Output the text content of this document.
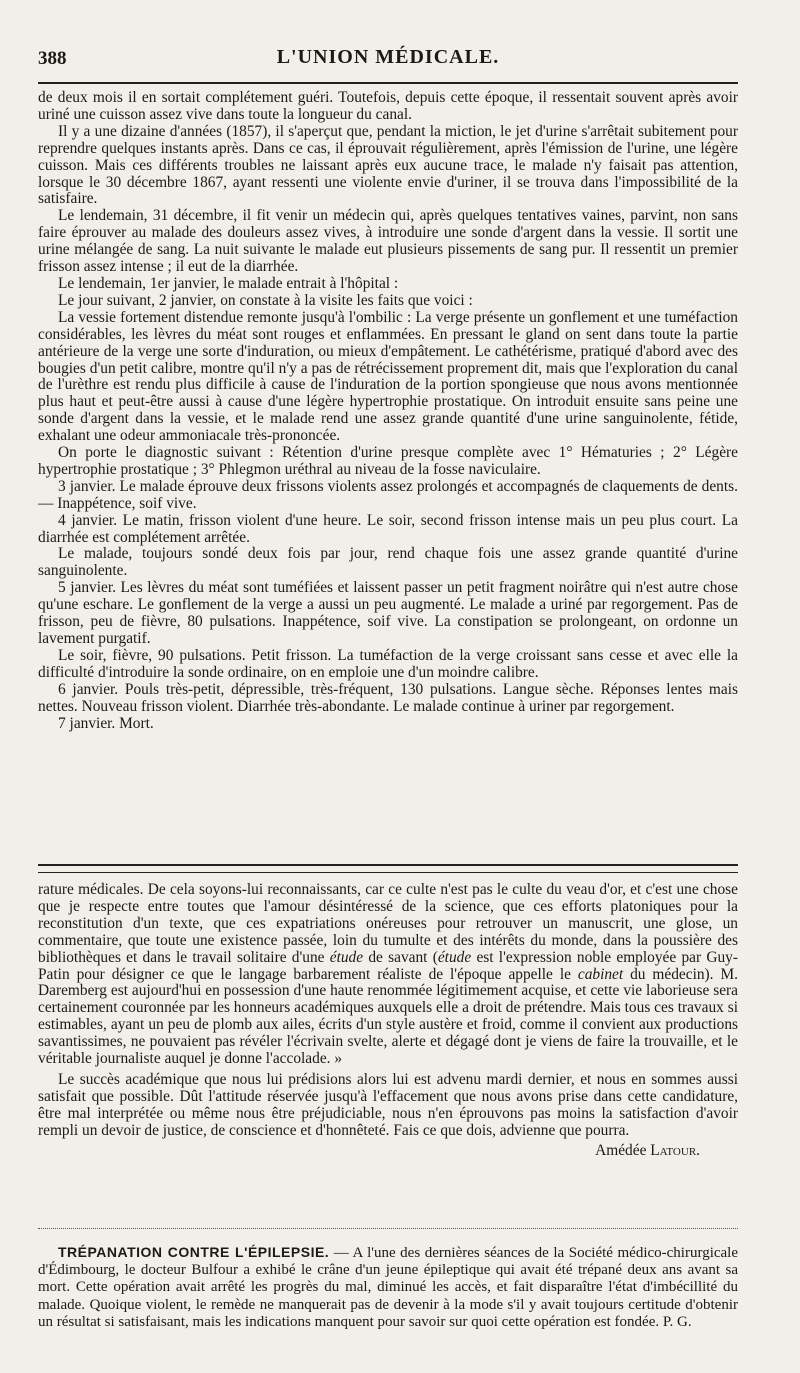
388	L'UNION MÉDICALE.

de deux mois il en sortait complétement guéri. Toutefois, depuis cette époque, il ressentait souvent après avoir uriné une cuisson assez vive dans toute la longueur du canal.

Il y a une dizaine d'années (1857), il s'aperçut que, pendant la miction, le jet d'urine s'arrêtait subitement pour reprendre quelques instants après. Dans ce cas, il éprouvait régulièrement, après l'émission de l'urine, une légère cuisson. Mais ces différents troubles ne laissant après eux aucune trace, le malade n'y faisait pas attention, lorsque le 30 décembre 1867, ayant ressenti une violente envie d'uriner, il se trouva dans l'impossibilité de la satisfaire.

Le lendemain, 31 décembre, il fit venir un médecin qui, après quelques tentatives vaines, parvint, non sans faire éprouver au malade des douleurs assez vives, à introduire une sonde d'argent dans la vessie. Il sortit une urine mélangée de sang. La nuit suivante le malade eut plusieurs pissements de sang pur. Il ressentit un premier frisson assez intense ; il eut de la diarrhée.

Le lendemain, 1er janvier, le malade entrait à l'hôpital :

Le jour suivant, 2 janvier, on constate à la visite les faits que voici :

La vessie fortement distendue remonte jusqu'à l'ombilic : La verge présente un gonflement et une tuméfaction considérables, les lèvres du méat sont rouges et enflammées. En pressant le gland on sent dans toute la partie antérieure de la verge une sorte d'induration, ou mieux d'empâtement. Le cathétérisme, pratiqué d'abord avec des bougies d'un petit calibre, montre qu'il n'y a pas de rétrécissement proprement dit, mais que l'exploration du canal de l'urèthre est rendu plus difficile à cause de l'induration de la portion spongieuse que nous avons mentionnée plus haut et peut-être aussi à cause d'une légère hypertrophie prostatique. On introduit ensuite sans peine une sonde d'argent dans la vessie, et le malade rend une assez grande quantité d'une urine sanguinolente, fétide, exhalant une odeur ammoniacale très-prononcée.

On porte le diagnostic suivant : Rétention d'urine presque complète avec 1° Hématuries ; 2° Légère hypertrophie prostatique ; 3° Phlegmon uréthral au niveau de la fosse naviculaire.

3 janvier. Le malade éprouve deux frissons violents assez prolongés et accompagnés de claquements de dents. — Inappétence, soif vive.

4 janvier. Le matin, frisson violent d'une heure. Le soir, second frisson intense mais un peu plus court. La diarrhée est complétement arrêtée.

Le malade, toujours sondé deux fois par jour, rend chaque fois une assez grande quantité d'urine sanguinolente.

5 janvier. Les lèvres du méat sont tuméfiées et laissent passer un petit fragment noirâtre qui n'est autre chose qu'une eschare. Le gonflement de la verge a aussi un peu augmenté. Le malade a uriné par regorgement. Pas de frisson, peu de fièvre, 80 pulsations. Inappétence, soif vive. La constipation se prolongeant, on ordonne un lavement purgatif.

Le soir, fièvre, 90 pulsations. Petit frisson. La tuméfaction de la verge croissant sans cesse et avec elle la difficulté d'introduire la sonde ordinaire, on en emploie une d'un moindre calibre.

6 janvier. Pouls très-petit, dépressible, très-fréquent, 130 pulsations. Langue sèche. Réponses lentes mais nettes. Nouveau frisson violent. Diarrhée très-abondante. Le malade continue à uriner par regorgement.

7 janvier. Mort.

rature médicales. De cela soyons-lui reconnaissants, car ce culte n'est pas le culte du veau d'or, et c'est une chose que je respecte entre toutes que l'amour désintéressé de la science, que ces efforts platoniques pour la reconstitution d'un texte, que ces expatriations onéreuses pour retrouver un manuscrit, une glose, un commentaire, que toute une existence passée, loin du tumulte et des intérêts du monde, dans la poussière des bibliothèques et dans le travail solitaire d'une étude de savant (étude est l'expression noble employée par Guy-Patin pour désigner ce que le langage barbarement réaliste de l'époque appelle le cabinet du médecin). M. Daremberg est aujourd'hui en possession d'une haute renommée légitimement acquise, et cette vie laborieuse sera certainement couronnée par les honneurs académiques auxquels elle a droit de prétendre. Mais tous ces travaux si estimables, ayant un peu de plomb aux ailes, écrits d'un style austère et froid, comme il convient aux productions savantissimes, ne pouvaient pas révéler l'écrivain svelte, alerte et dégagé dont je viens de faire la trouvaille, et le véritable journaliste auquel je donne l'accolade. »

Le succès académique que nous lui prédisions alors lui est advenu mardi dernier, et nous en sommes aussi satisfait que possible. Dût l'attitude réservée jusqu'à l'effacement que nous avons prise dans cette candidature, être mal interprétée ou même nous être préjudiciable, nous n'en éprouvons pas moins la satisfaction d'avoir rempli un devoir de justice, de conscience et d'honnêteté. Fais ce que dois, advienne que pourra.

Amédée Latour.

TRÉPANATION CONTRE L'ÉPILEPSIE. — A l'une des dernières séances de la Société médico-chirurgicale d'Édimbourg, le docteur Bulfour a exhibé le crâne d'un jeune épileptique qui avait été trépané deux ans avant sa mort. Cette opération avait arrêté les progrès du mal, diminué les accès, et fait disparaître l'état d'imbécillité du malade. Quoique violent, le remède ne manquerait pas de devenir à la mode s'il y avait toujours certitude d'obtenir un résultat si satisfaisant, mais les indications manquent pour savoir sur quoi cette opération est fondée. P. G.
